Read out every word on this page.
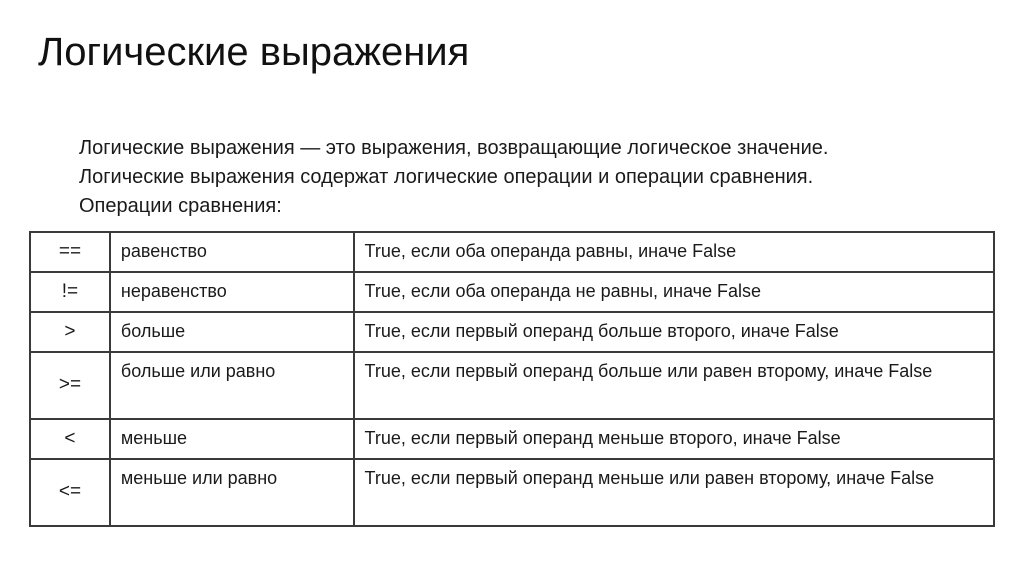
Логические выражения
Логические выражения — это выражения, возвращающие логическое значение.
Логические выражения содержат логические операции и операции сравнения.
Операции сравнения:
==	равенство	True, если оба операнда равны, иначе False
!=	неравенство	True, если оба операнда не равны, иначе False
>	больше	True, если первый операнд больше второго, иначе False
>=	больше или равно	True, если первый операнд больше или равен второму, иначе False
<	меньше	True, если первый операнд меньше второго, иначе False
<=	меньше или равно	True, если первый операнд меньше или равен второму, иначе False
